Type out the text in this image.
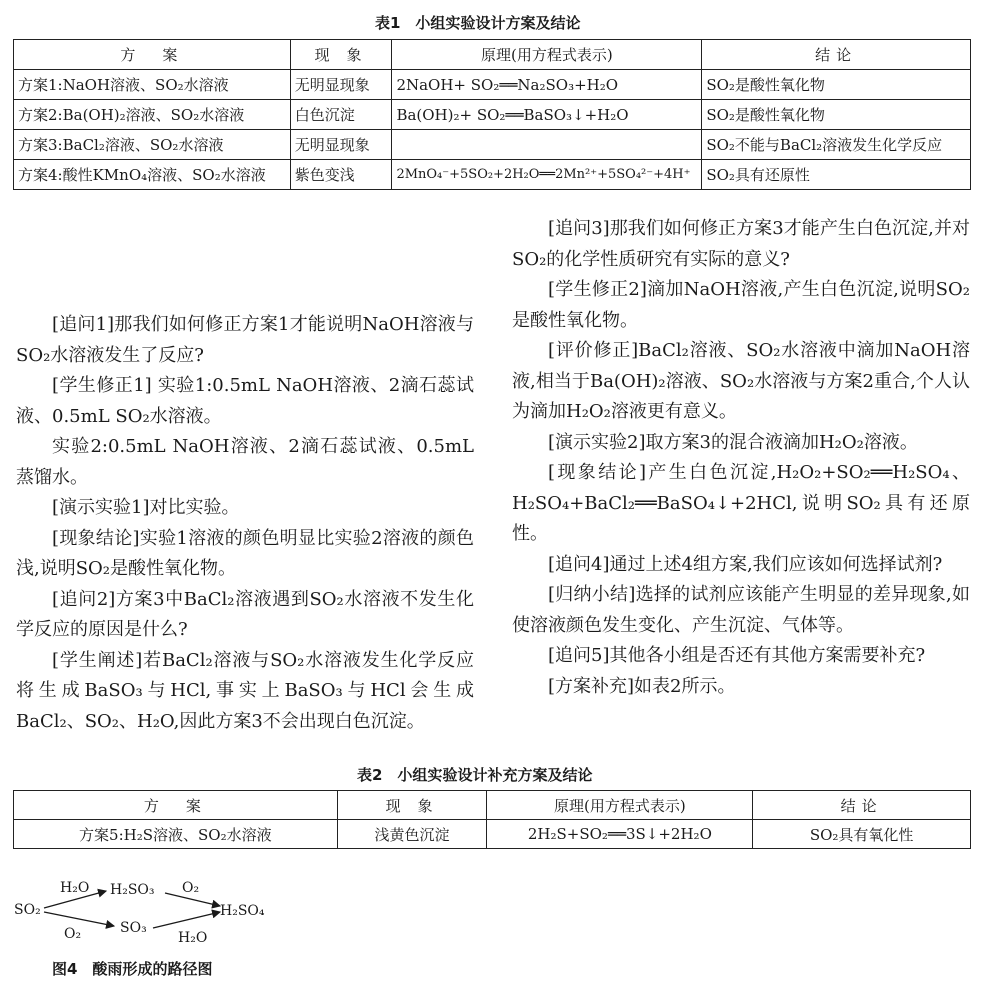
表1　小组实验设计方案及结论
方　案	现 象	原理(用方程式表示)	结论
方案1:NaOH溶液、SO₂水溶液	无明显现象	2NaOH+ SO₂══Na₂SO₃+H₂O	SO₂是酸性氧化物
方案2:Ba(OH)₂溶液、SO₂水溶液	白色沉淀	Ba(OH)₂+ SO₂══BaSO₃↓+H₂O	SO₂是酸性氧化物
方案3:BaCl₂溶液、SO₂水溶液	无明显现象		SO₂不能与BaCl₂溶液发生化学反应
方案4:酸性KMnO₄溶液、SO₂水溶液	紫色变浅	2MnO₄⁻+5SO₂+2H₂O══2Mn²⁺+5SO₄²⁻+4H⁺	SO₂具有还原性

[追问1]那我们如何修正方案1才能说明NaOH溶液与SO₂水溶液发生了反应?

[学生修正1] 实验1:0.5mL NaOH溶液、2滴石蕊试液、0.5mL SO₂水溶液。

实验2:0.5mL NaOH溶液、2滴石蕊试液、0.5mL蒸馏水。

[演示实验1]对比实验。

[现象结论]实验1溶液的颜色明显比实验2溶液的颜色浅,说明SO₂是酸性氧化物。

[追问2]方案3中BaCl₂溶液遇到SO₂水溶液不发生化学反应的原因是什么?

[学生阐述]若BaCl₂溶液与SO₂水溶液发生化学反应将生成BaSO₃与HCl,事实上BaSO₃与HCl会生成BaCl₂、SO₂、H₂O,因此方案3不会出现白色沉淀。

[追问3]那我们如何修正方案3才能产生白色沉淀,并对SO₂的化学性质研究有实际的意义?

[学生修正2]滴加NaOH溶液,产生白色沉淀,说明SO₂是酸性氧化物。

[评价修正]BaCl₂溶液、SO₂水溶液中滴加NaOH溶液,相当于Ba(OH)₂溶液、SO₂水溶液与方案2重合,个人认为滴加H₂O₂溶液更有意义。

[演示实验2]取方案3的混合液滴加H₂O₂溶液。

[现象结论]产生白色沉淀,H₂O₂+SO₂══H₂SO₄、H₂SO₄+BaCl₂══BaSO₄↓+2HCl,说明SO₂具有还原性。

[追问4]通过上述4组方案,我们应该如何选择试剂?

[归纳小结]选择的试剂应该能产生明显的差异现象,如使溶液颜色发生变化、产生沉淀、气体等。

[追问5]其他各小组是否还有其他方案需要补充?

[方案补充]如表2所示。

表2　小组实验设计补充方案及结论
方　案	现 象	原理(用方程式表示)	结论
方案5:H₂S溶液、SO₂水溶液	浅黄色沉淀	2H₂S+SO₂══3S↓+2H₂O	SO₂具有氧化性
SO₂
H₂O H₂SO₃ O₂
H₂SO₄
O₂	SO₃
H₂O
图4　酸雨形成的路径图
